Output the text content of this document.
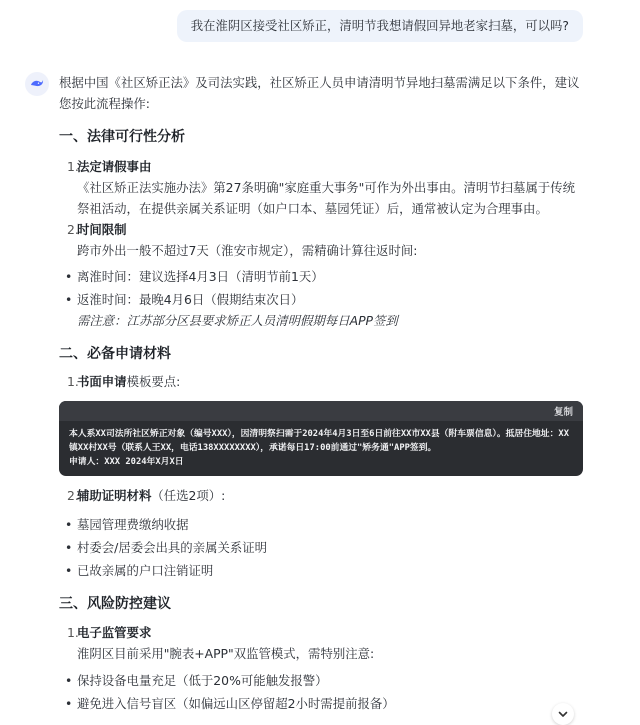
我在淮阴区接受社区矫正，清明节我想请假回异地老家扫墓，可以吗?

根据中国《社区矫正法》及司法实践，社区矫正人员申请清明节异地扫墓需满足以下条件，建议您按此流程操作:

一、法律可行性分析
1.
法定请假事由
《社区矫正法实施办法》第27条明确"家庭重大事务"可作为外出事由。清明节扫墓属于传统祭祖活动，在提供亲属关系证明（如户口本、墓园凭证）后，通常被认定为合理事由。
2.
时间限制
跨市外出一般不超过7天（淮安市规定），需精确计算往返时间:
• 离淮时间：建议选择4月3日（清明节前1天）
• 返淮时间：最晚4月6日（假期结束次日）
需注意：江苏部分区县要求矫正人员清明假期每日APP签到
二、必备申请材料
1.
书面申请模板要点:
复制
本人系XX司法所社区矫正对象（编号XXX），因清明祭扫需于2024年4月3日至6日前往XX市XX县（附车票信息）。抵居住地址：XX
镇XX村XX号（联系人王XX，电话138XXXXXXXX），承诺每日17:00前通过"矫务通"APP签到。
申请人：XXX 2024年X月X日
2.
辅助证明材料（任选2项）:
• 墓园管理费缴纳收据
• 村委会/居委会出具的亲属关系证明
• 已故亲属的户口注销证明
三、风险防控建议
1.
电子监管要求
淮阴区目前采用"腕表+APP"双监管模式，需特别注意:
• 保持设备电量充足（低于20%可能触发报警）
• 避免进入信号盲区（如偏远山区停留超2小时需提前报备）
